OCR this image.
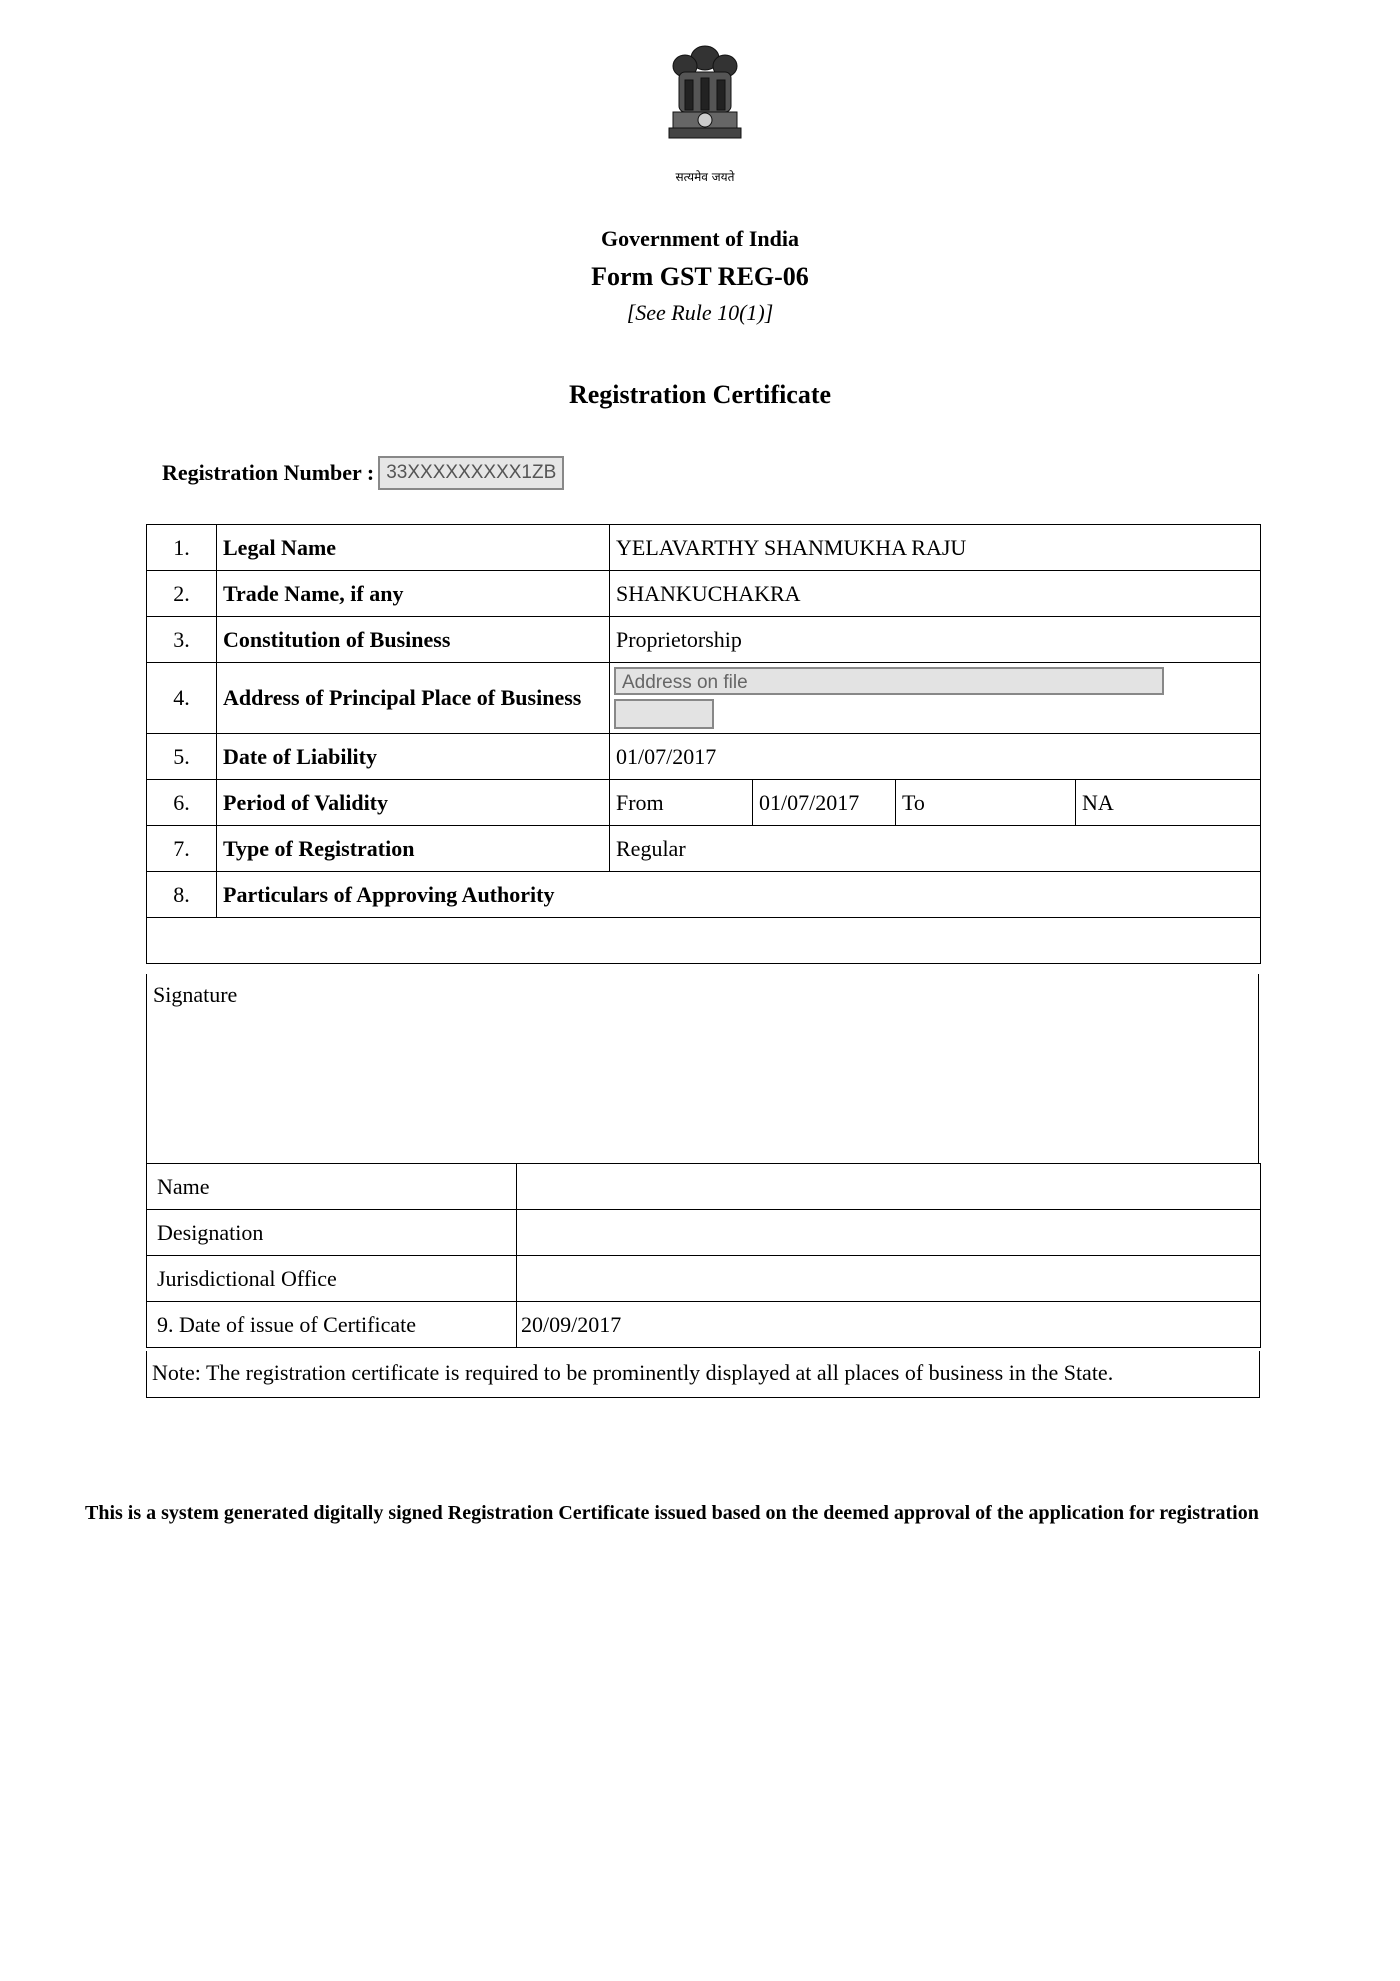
सत्यमेव जयते
Government of India
Form GST REG-06
[See Rule 10(1)]
Registration Certificate
Registration Number : 33XXXXXXXXX1ZB
1.	Legal Name	YELAVARTHY SHANMUKHA RAJU			
2.	Trade Name, if any	SHANKUCHAKRA			
3.	Constitution of Business	Proprietorship			
4.	Address of Principal Place of Business	Address on file			

5.	Date of Liability	01/07/2017			
6.	Period of Validity	From	01/07/2017	To	NA
7.	Type of Registration	Regular			
8.	Particulars of Approving Authority				

Signature
Name	
Designation	
Jurisdictional Office	
9. Date of issue of Certificate	20/09/2017
Note: The registration certificate is required to be prominently displayed at all places of business in the State.
This is a system generated digitally signed Registration Certificate issued based on the deemed approval of the application for registration
